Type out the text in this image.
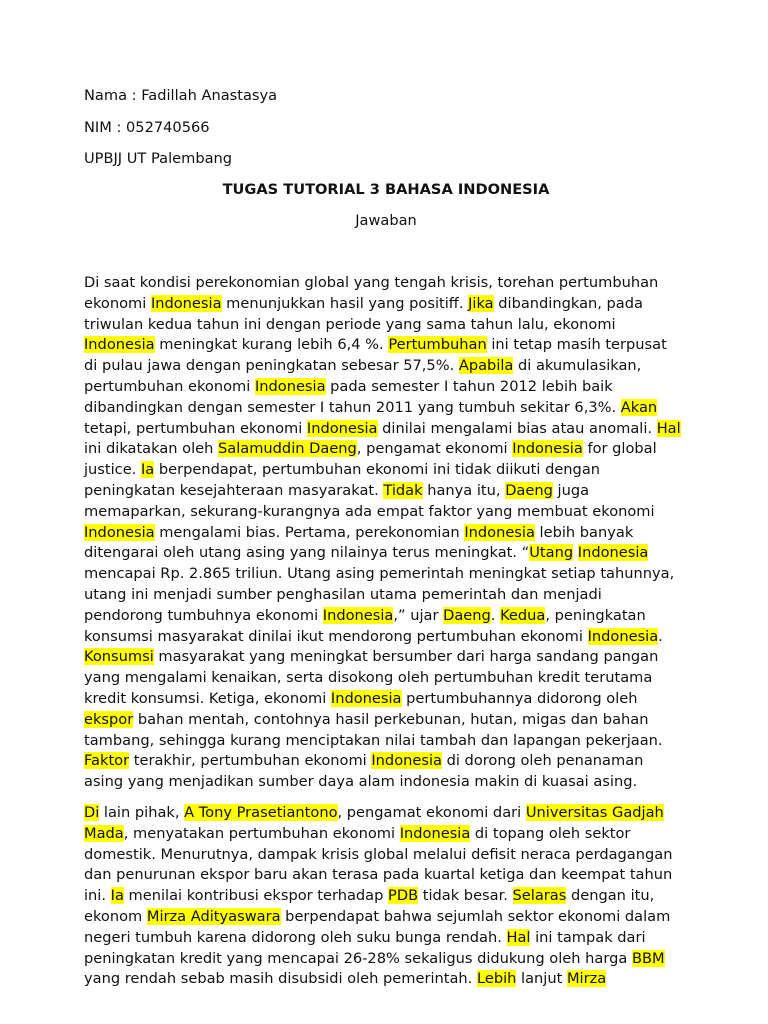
Nama : Fadillah Anastasya
NIM : 052740566
UPBJJ UT Palembang
TUGAS TUTORIAL 3 BAHASA INDONESIA
Jawaban
Di saat kondisi perekonomian global yang tengah krisis, torehan pertumbuhan
ekonomi Indonesia menunjukkan hasil yang positiff. Jika dibandingkan, pada
triwulan kedua tahun ini dengan periode yang sama tahun lalu, ekonomi
Indonesia meningkat kurang lebih 6,4 %. Pertumbuhan ini tetap masih terpusat
di pulau jawa dengan peningkatan sebesar 57,5%. Apabila di akumulasikan,
pertumbuhan ekonomi Indonesia pada semester I tahun 2012 lebih baik
dibandingkan dengan semester I tahun 2011 yang tumbuh sekitar 6,3%. Akan
tetapi, pertumbuhan ekonomi Indonesia dinilai mengalami bias atau anomali. Hal
ini dikatakan oleh Salamuddin Daeng, pengamat ekonomi Indonesia for global
justice. Ia berpendapat, pertumbuhan ekonomi ini tidak diikuti dengan
peningkatan kesejahteraan masyarakat. Tidak hanya itu, Daeng juga
memaparkan, sekurang-kurangnya ada empat faktor yang membuat ekonomi
Indonesia mengalami bias. Pertama, perekonomian Indonesia lebih banyak
ditengarai oleh utang asing yang nilainya terus meningkat. “Utang Indonesia
mencapai Rp. 2.865 triliun. Utang asing pemerintah meningkat setiap tahunnya,
utang ini menjadi sumber penghasilan utama pemerintah dan menjadi
pendorong tumbuhnya ekonomi Indonesia,” ujar Daeng. Kedua, peningkatan
konsumsi masyarakat dinilai ikut mendorong pertumbuhan ekonomi Indonesia.
Konsumsi masyarakat yang meningkat bersumber dari harga sandang pangan
yang mengalami kenaikan, serta disokong oleh pertumbuhan kredit terutama
kredit konsumsi. Ketiga, ekonomi Indonesia pertumbuhannya didorong oleh
ekspor bahan mentah, contohnya hasil perkebunan, hutan, migas dan bahan
tambang, sehingga kurang menciptakan nilai tambah dan lapangan pekerjaan.
Faktor terakhir, pertumbuhan ekonomi Indonesia di dorong oleh penanaman
asing yang menjadikan sumber daya alam indonesia makin di kuasai asing.
Di lain pihak, A Tony Prasetiantono, pengamat ekonomi dari Universitas Gadjah
Mada, menyatakan pertumbuhan ekonomi Indonesia di topang oleh sektor
domestik. Menurutnya, dampak krisis global melalui defisit neraca perdagangan
dan penurunan ekspor baru akan terasa pada kuartal ketiga dan keempat tahun
ini. Ia menilai kontribusi ekspor terhadap PDB tidak besar. Selaras dengan itu,
ekonom Mirza Adityaswara berpendapat bahwa sejumlah sektor ekonomi dalam
negeri tumbuh karena didorong oleh suku bunga rendah. Hal ini tampak dari
peningkatan kredit yang mencapai 26-28% sekaligus didukung oleh harga BBM
yang rendah sebab masih disubsidi oleh pemerintah. Lebih lanjut Mirza
